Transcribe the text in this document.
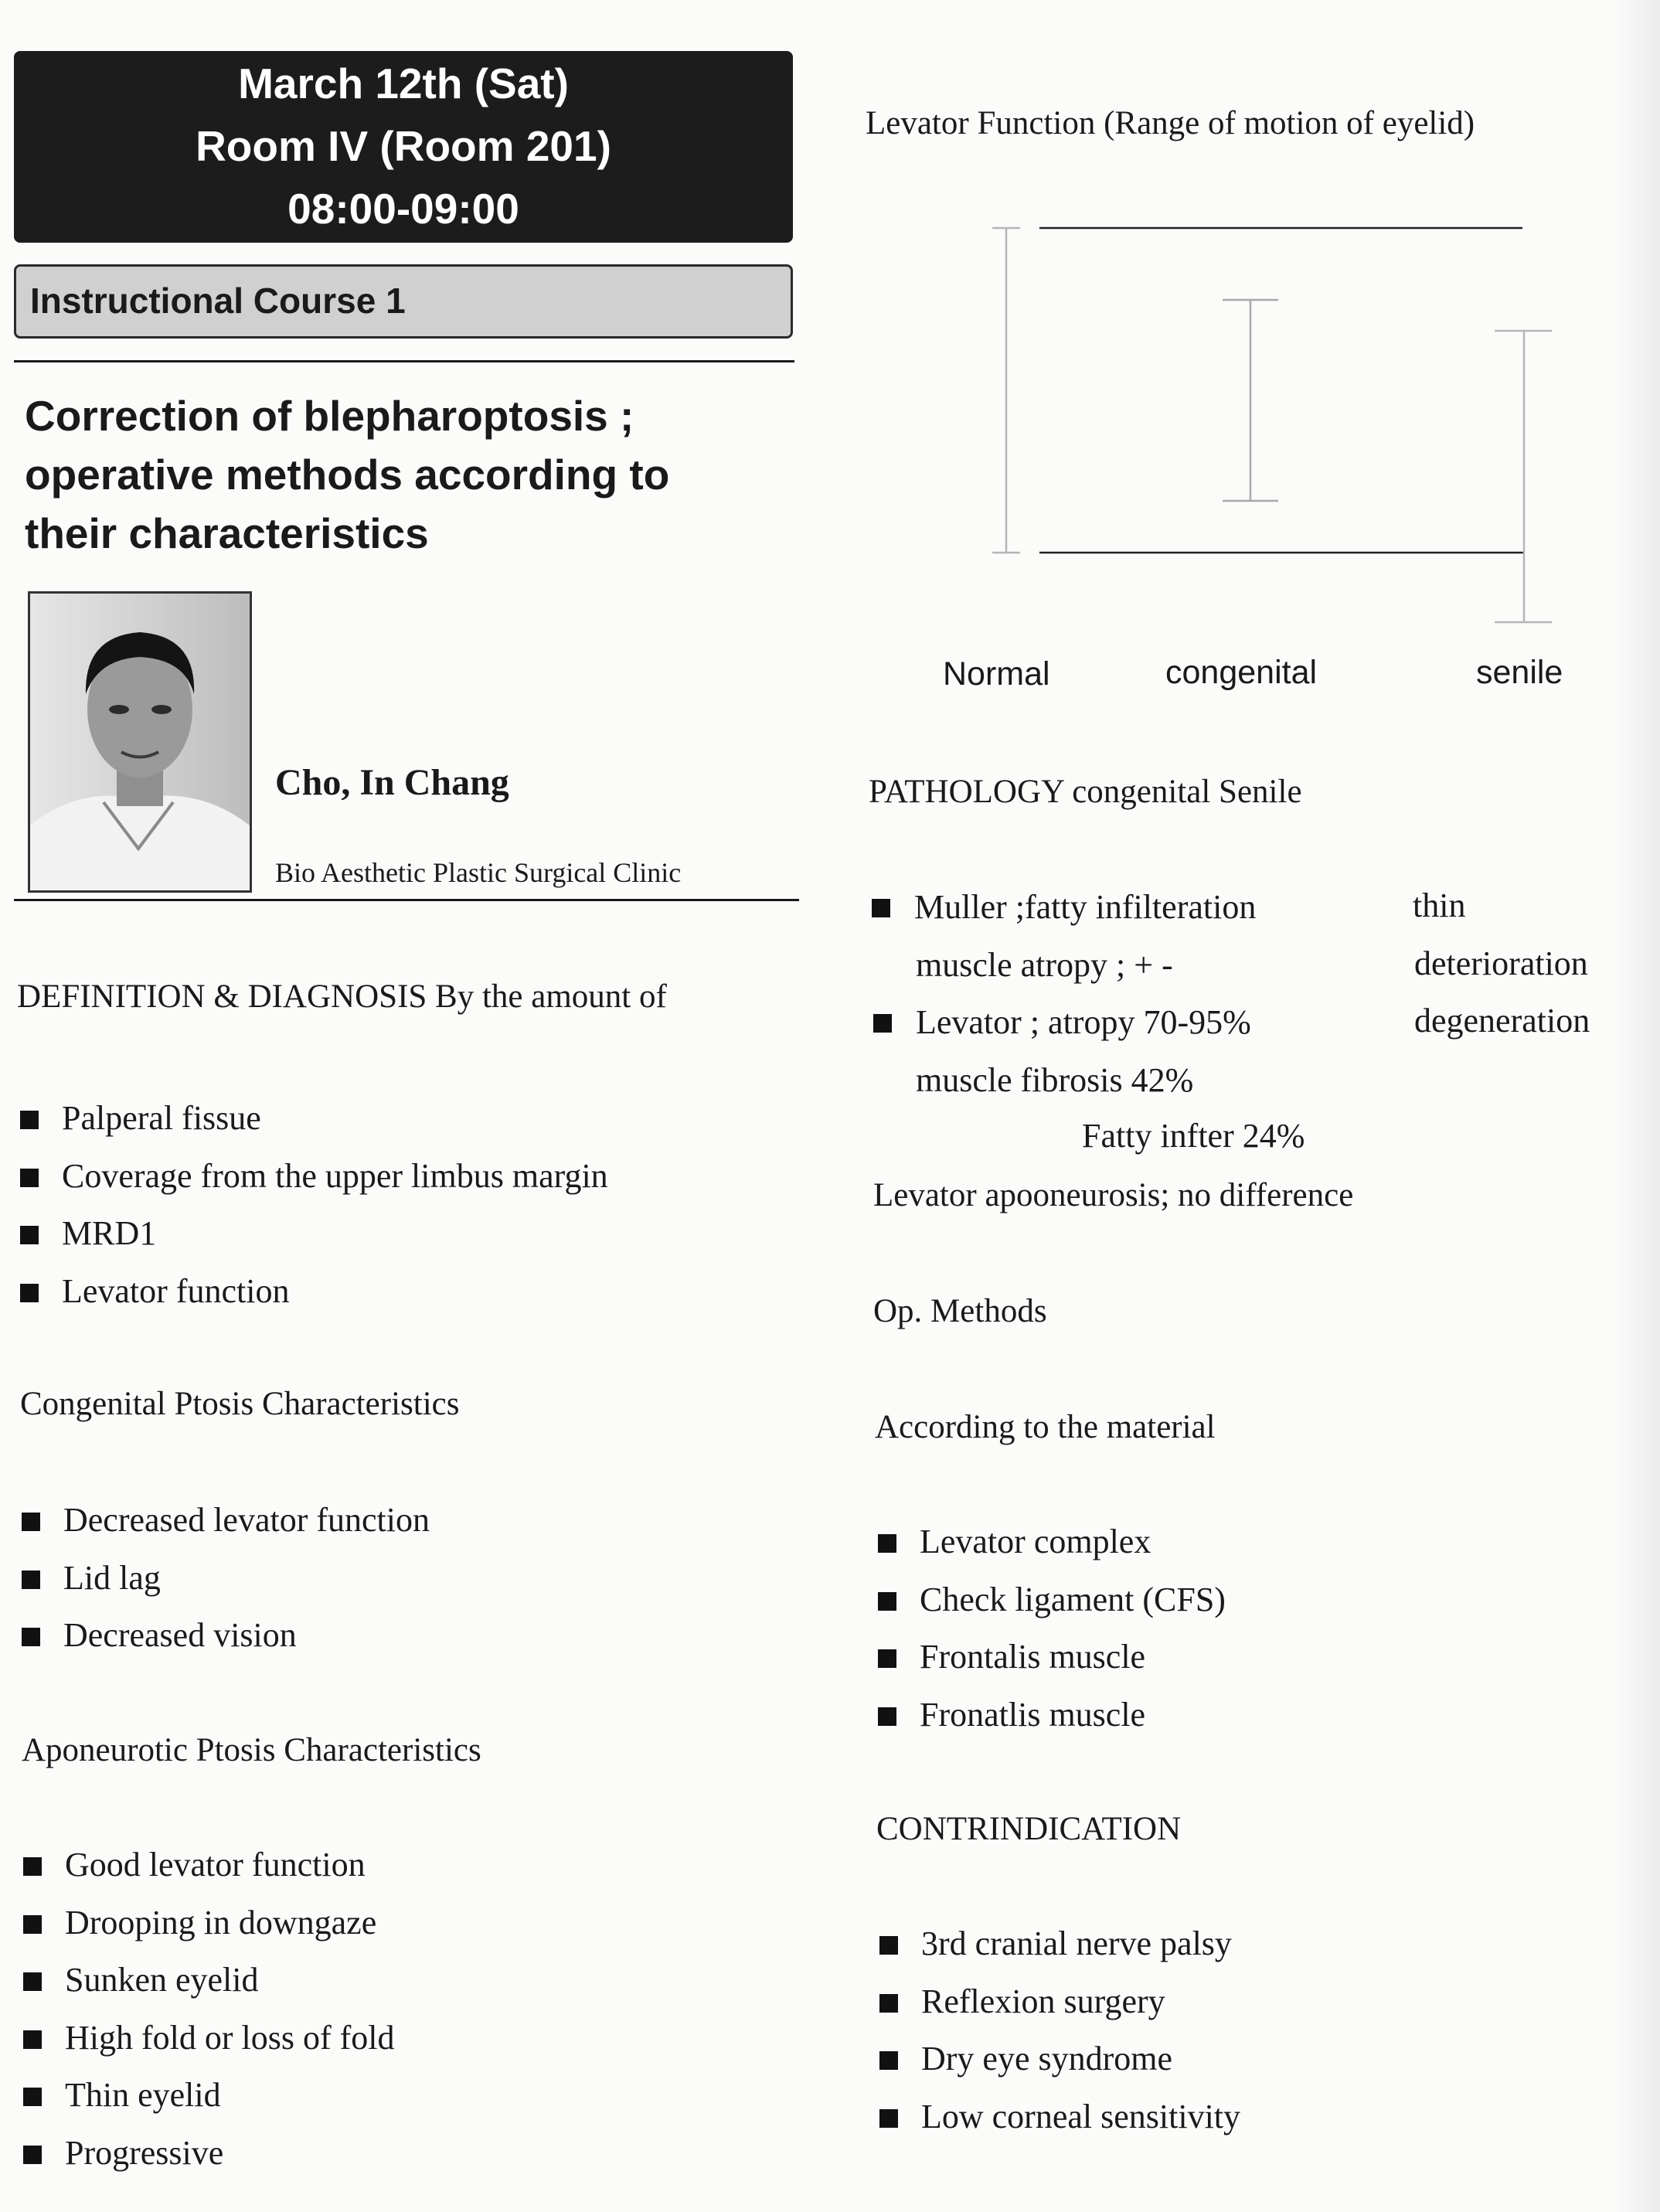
March 12th (Sat)
Room IV (Room 201)
08:00-09:00
Instructional Course 1
Correction of blepharoptosis ;
operative methods according to
their characteristics
Cho, In Chang
Bio Aesthetic Plastic Surgical Clinic
DEFINITION & DIAGNOSIS By the amount of
Palperal fissue
Coverage from the upper limbus margin
MRD1
Levator function
Congenital Ptosis Characteristics
Decreased levator function
Lid lag
Decreased vision
Aponeurotic Ptosis Characteristics
Good levator function
Drooping in downgaze
Sunken eyelid
High fold or loss of fold
Thin eyelid
Progressive
Levator Function (Range of motion of eyelid)
Normal	congenital	senile
PATHOLOGY congenital Senile
Muller ;fatty infilteration	thin
muscle atropy ; + -	deterioration
Levator ; atropy 70-95%	degeneration
muscle fibrosis 42%
Fatty infter 24%
Levator apooneurosis; no difference
Op. Methods
According to the material
Levator complex
Check ligament (CFS)
Frontalis muscle
Fronatlis muscle
CONTRINDICATION
3rd cranial nerve palsy
Reflexion surgery
Dry eye syndrome
Low corneal sensitivity
